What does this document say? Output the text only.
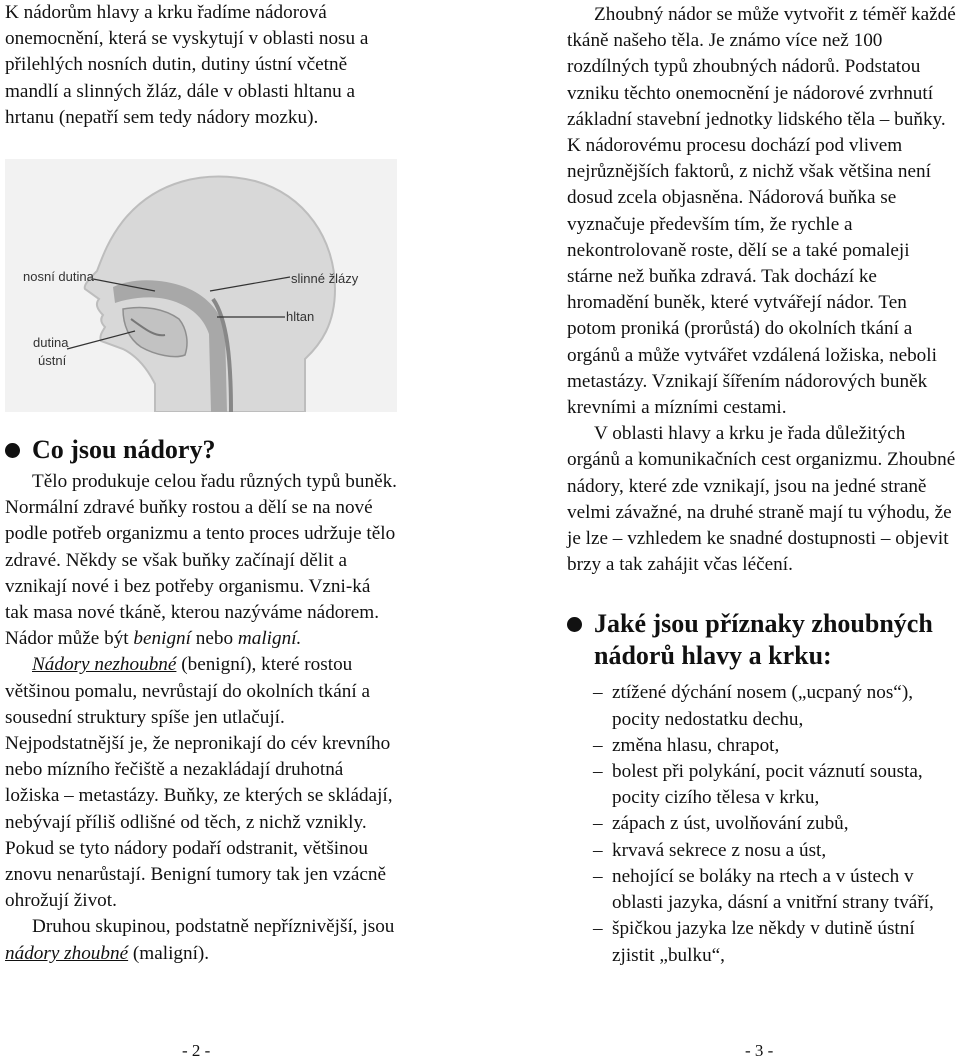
K nádorům hlavy a krku řadíme nádorová onemocnění, která se vyskytují v oblasti nosu a přilehlých nosních dutin, dutiny ústní včetně mandlí a slinných žláz, dále v oblasti hltanu a hrtanu (nepatří sem tedy nádory mozku).

nosní dutina	slinné žlázy
hltan
dutina
ústní
Co jsou nádory?

Tělo produkuje celou řadu různých typů buněk. Normální zdravé buňky rostou a dělí se na nové podle potřeb organizmu a tento proces udržuje tělo zdravé. Někdy se však buňky začínají dělit a vznikají nové i bez potřeby organismu. Vzni-ká tak masa nové tkáně, kterou nazýváme nádorem. Nádor může být benigní nebo maligní.

Nádory nezhoubné (benigní), které rostou většinou pomalu, nevrůstají do okolních tkání a sousední struktury spíše jen utlačují. Nejpodstatnější je, že nepronikají do cév krevního nebo mízního řečiště a nezakládají druhotná ložiska – metastázy. Buňky, ze kterých se skládají, nebývají příliš odlišné od těch, z nichž vznikly. Pokud se tyto nádory podaří odstranit, většinou znovu nenarůstají. Benigní tumory tak jen vzácně ohrožují život.

Druhou skupinou, podstatně nepříznivější, jsou nádory zhoubné (maligní).

Zhoubný nádor se může vytvořit z téměř každé tkáně našeho těla. Je známo více než 100 rozdílných typů zhoubných nádorů. Podstatou vzniku těchto onemocnění je nádorové zvrhnutí základní stavební jednotky lidského těla – buňky. K nádorovému procesu dochází pod vlivem nejrůznějších faktorů, z nichž však většina není dosud zcela objasněna. Nádorová buňka se vyznačuje především tím, že rychle a nekontrolovaně roste, dělí se a také pomaleji stárne než buňka zdravá. Tak dochází ke hromadění buněk, které vytvářejí nádor. Ten potom proniká (prorůstá) do okolních tkání a orgánů a může vytvářet vzdálená ložiska, neboli metastázy. Vznikají šířením nádorových buněk krevními a mízními cestami.

V oblasti hlavy a krku je řada důležitých orgánů a komunikačních cest organizmu. Zhoubné nádory, které zde vznikají, jsou na jedné straně velmi závažné, na druhé straně mají tu výhodu, že je lze – vzhledem ke snadné dostupnosti – objevit brzy a tak zahájit včas léčení.

Jaké jsou příznaky zhoubných nádorů hlavy a krku:
– ztížené dýchání nosem („ucpaný nos“), pocity nedostatku dechu,
– změna hlasu, chrapot,
– bolest při polykání, pocit váznutí sousta, pocity cizího tělesa v krku,
– zápach z úst, uvolňování zubů,
– krvavá sekrece z nosu a úst,
– nehojící se boláky na rtech a v ústech v oblasti jazyka, dásní a vnitřní strany tváří,
– špičkou jazyka lze někdy v dutině ústní zjistit „bulku“,
- 2 -	- 3 -
